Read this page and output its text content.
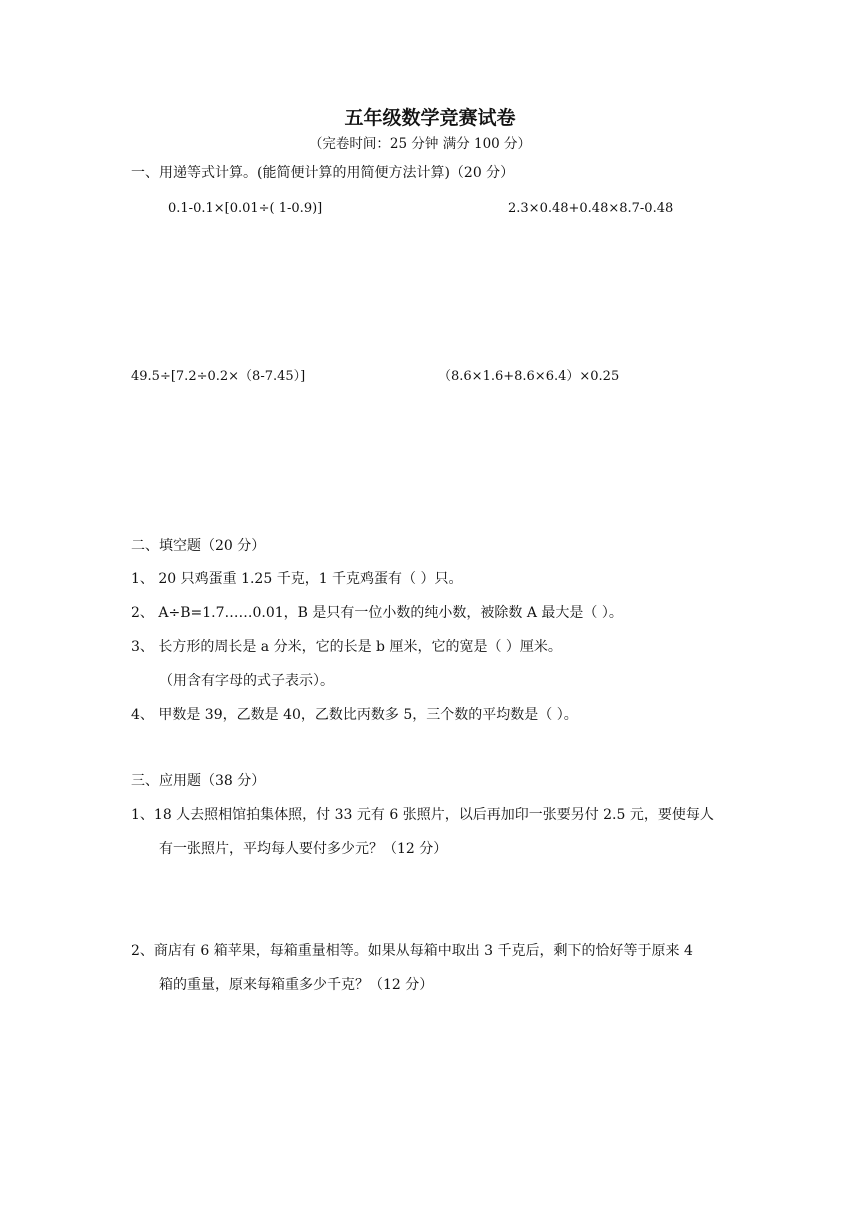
五年级数学竞赛试卷
（完卷时间：25 分钟 满分 100 分）
一、用递等式计算。(能简便计算的用简便方法计算)（20 分）
0.1-0.1×[0.01÷( 1-0.9)]	2.3×0.48+0.48×8.7-0.48
49.5÷[7.2÷0.2×（8-7.45）]	（8.6×1.6+8.6×6.4）×0.25
二、填空题（20 分）
1、 20 只鸡蛋重 1.25 千克，1 千克鸡蛋有（ ）只。
2、 A÷B=1.7……0.01，B 是只有一位小数的纯小数，被除数 A 最大是（ ）。
3、 长方形的周长是 a 分米，它的长是 b 厘米，它的宽是（ ）厘米。
（用含有字母的式子表示）。
4、 甲数是 39，乙数是 40，乙数比丙数多 5，三个数的平均数是（ ）。
三、应用题（38 分）
1、18 人去照相馆拍集体照，付 33 元有 6 张照片，以后再加印一张要另付 2.5 元，要使每人
有一张照片，平均每人要付多少元？（12 分）
2、商店有 6 箱苹果，每箱重量相等。如果从每箱中取出 3 千克后，剩下的恰好等于原来 4
箱的重量，原来每箱重多少千克？（12 分）
